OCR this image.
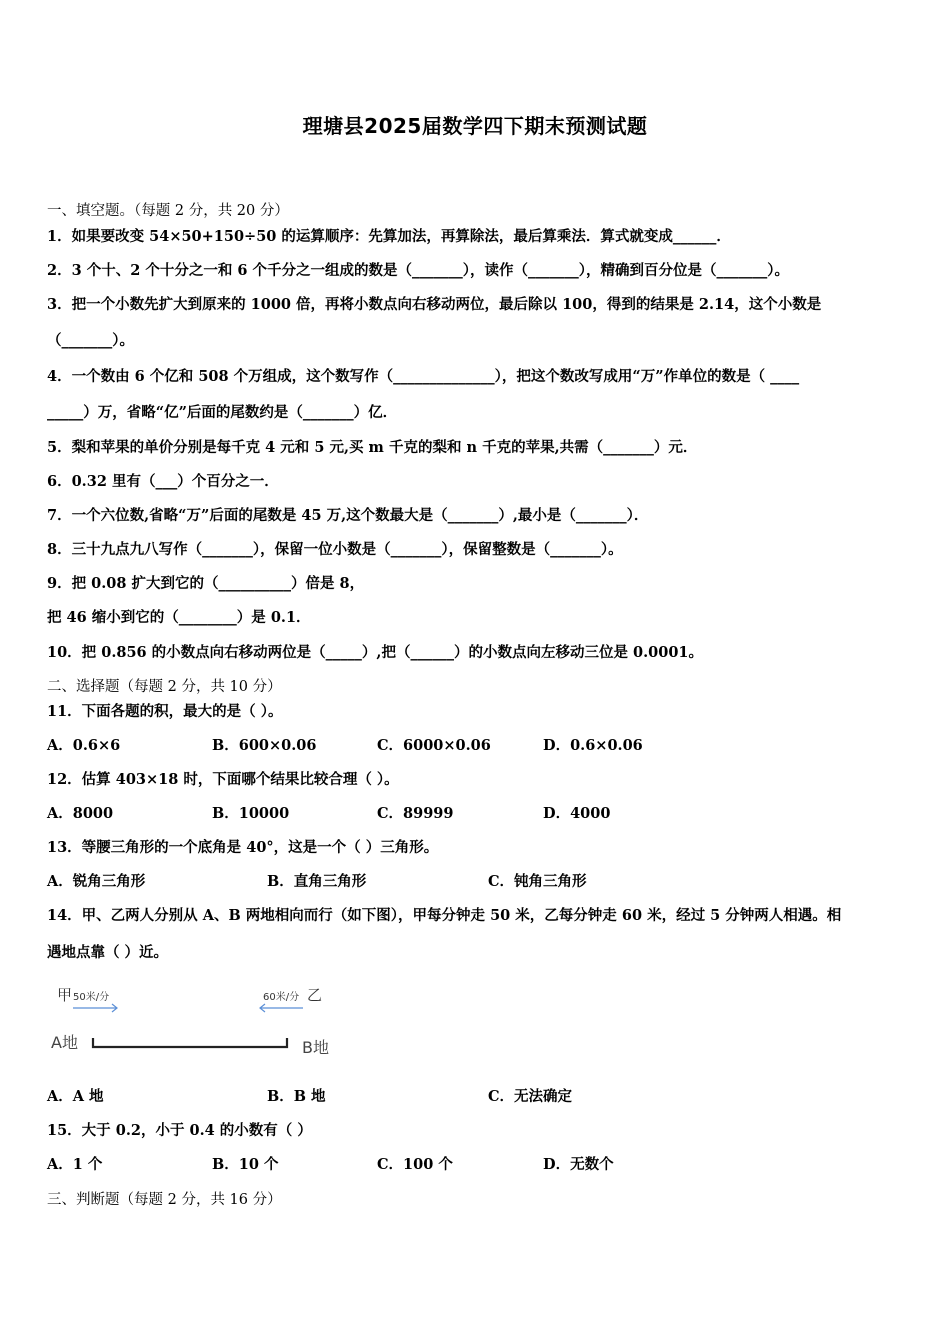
理塘县2025届数学四下期末预测试题
一、填空题。（每题 2 分，共 20 分）
1．如果要改变 54×50+150÷50 的运算顺序：先算加法，再算除法，最后算乘法．算式就变成______．
2．3 个十、2 个十分之一和 6 个千分之一组成的数是（_______），读作（_______），精确到百分位是（_______）。
3．把一个小数先扩大到原来的 1000 倍，再将小数点向右移动两位，最后除以 100，得到的结果是 2.14，这个小数是
（_______）。
4．一个数由 6 个亿和 508 个万组成，这个数写作（______________），把这个数改写成用“万”作单位的数是（ ____
_____）万，省略“亿”后面的尾数约是（_______）亿．
5．梨和苹果的单价分别是每千克 4 元和 5 元,买 m 千克的梨和 n 千克的苹果,共需（_______）元．
6．0.32 里有（___）个百分之一．
7．一个六位数,省略“万”后面的尾数是 45 万,这个数最大是（_______）,最小是（_______）．
8．三十九点九八写作（_______），保留一位小数是（_______），保留整数是（_______）。
9．把 0.08 扩大到它的（__________）倍是 8，
把 46 缩小到它的（________）是 0.1．
10．把 0.856 的小数点向右移动两位是（_____）,把（______）的小数点向左移动三位是 0.0001。
二、选择题（每题 2 分，共 10 分）
11．下面各题的积，最大的是（ ）。
A．0.6×6	B．600×0.06	C．6000×0.06	D．0.6×0.06
12．估算 403×18 时，下面哪个结果比较合理（ ）。
A．8000	B．10000	C．89999	D．4000
13．等腰三角形的一个底角是 40°，这是一个（ ）三角形。
A．锐角三角形	B．直角三角形	C．钝角三角形
14．甲、乙两人分别从 A、B 两地相向而行（如下图），甲每分钟走 50 米，乙每分钟走 60 米，经过 5 分钟两人相遇。相
遇地点靠（ ）近。
甲 50米/分	60米/分 乙
A地	B地
A．A 地	B．B 地	C．无法确定
15．大于 0.2，小于 0.4 的小数有（ ）
A．1 个	B．10 个	C．100 个	D．无数个
三、判断题（每题 2 分，共 16 分）
